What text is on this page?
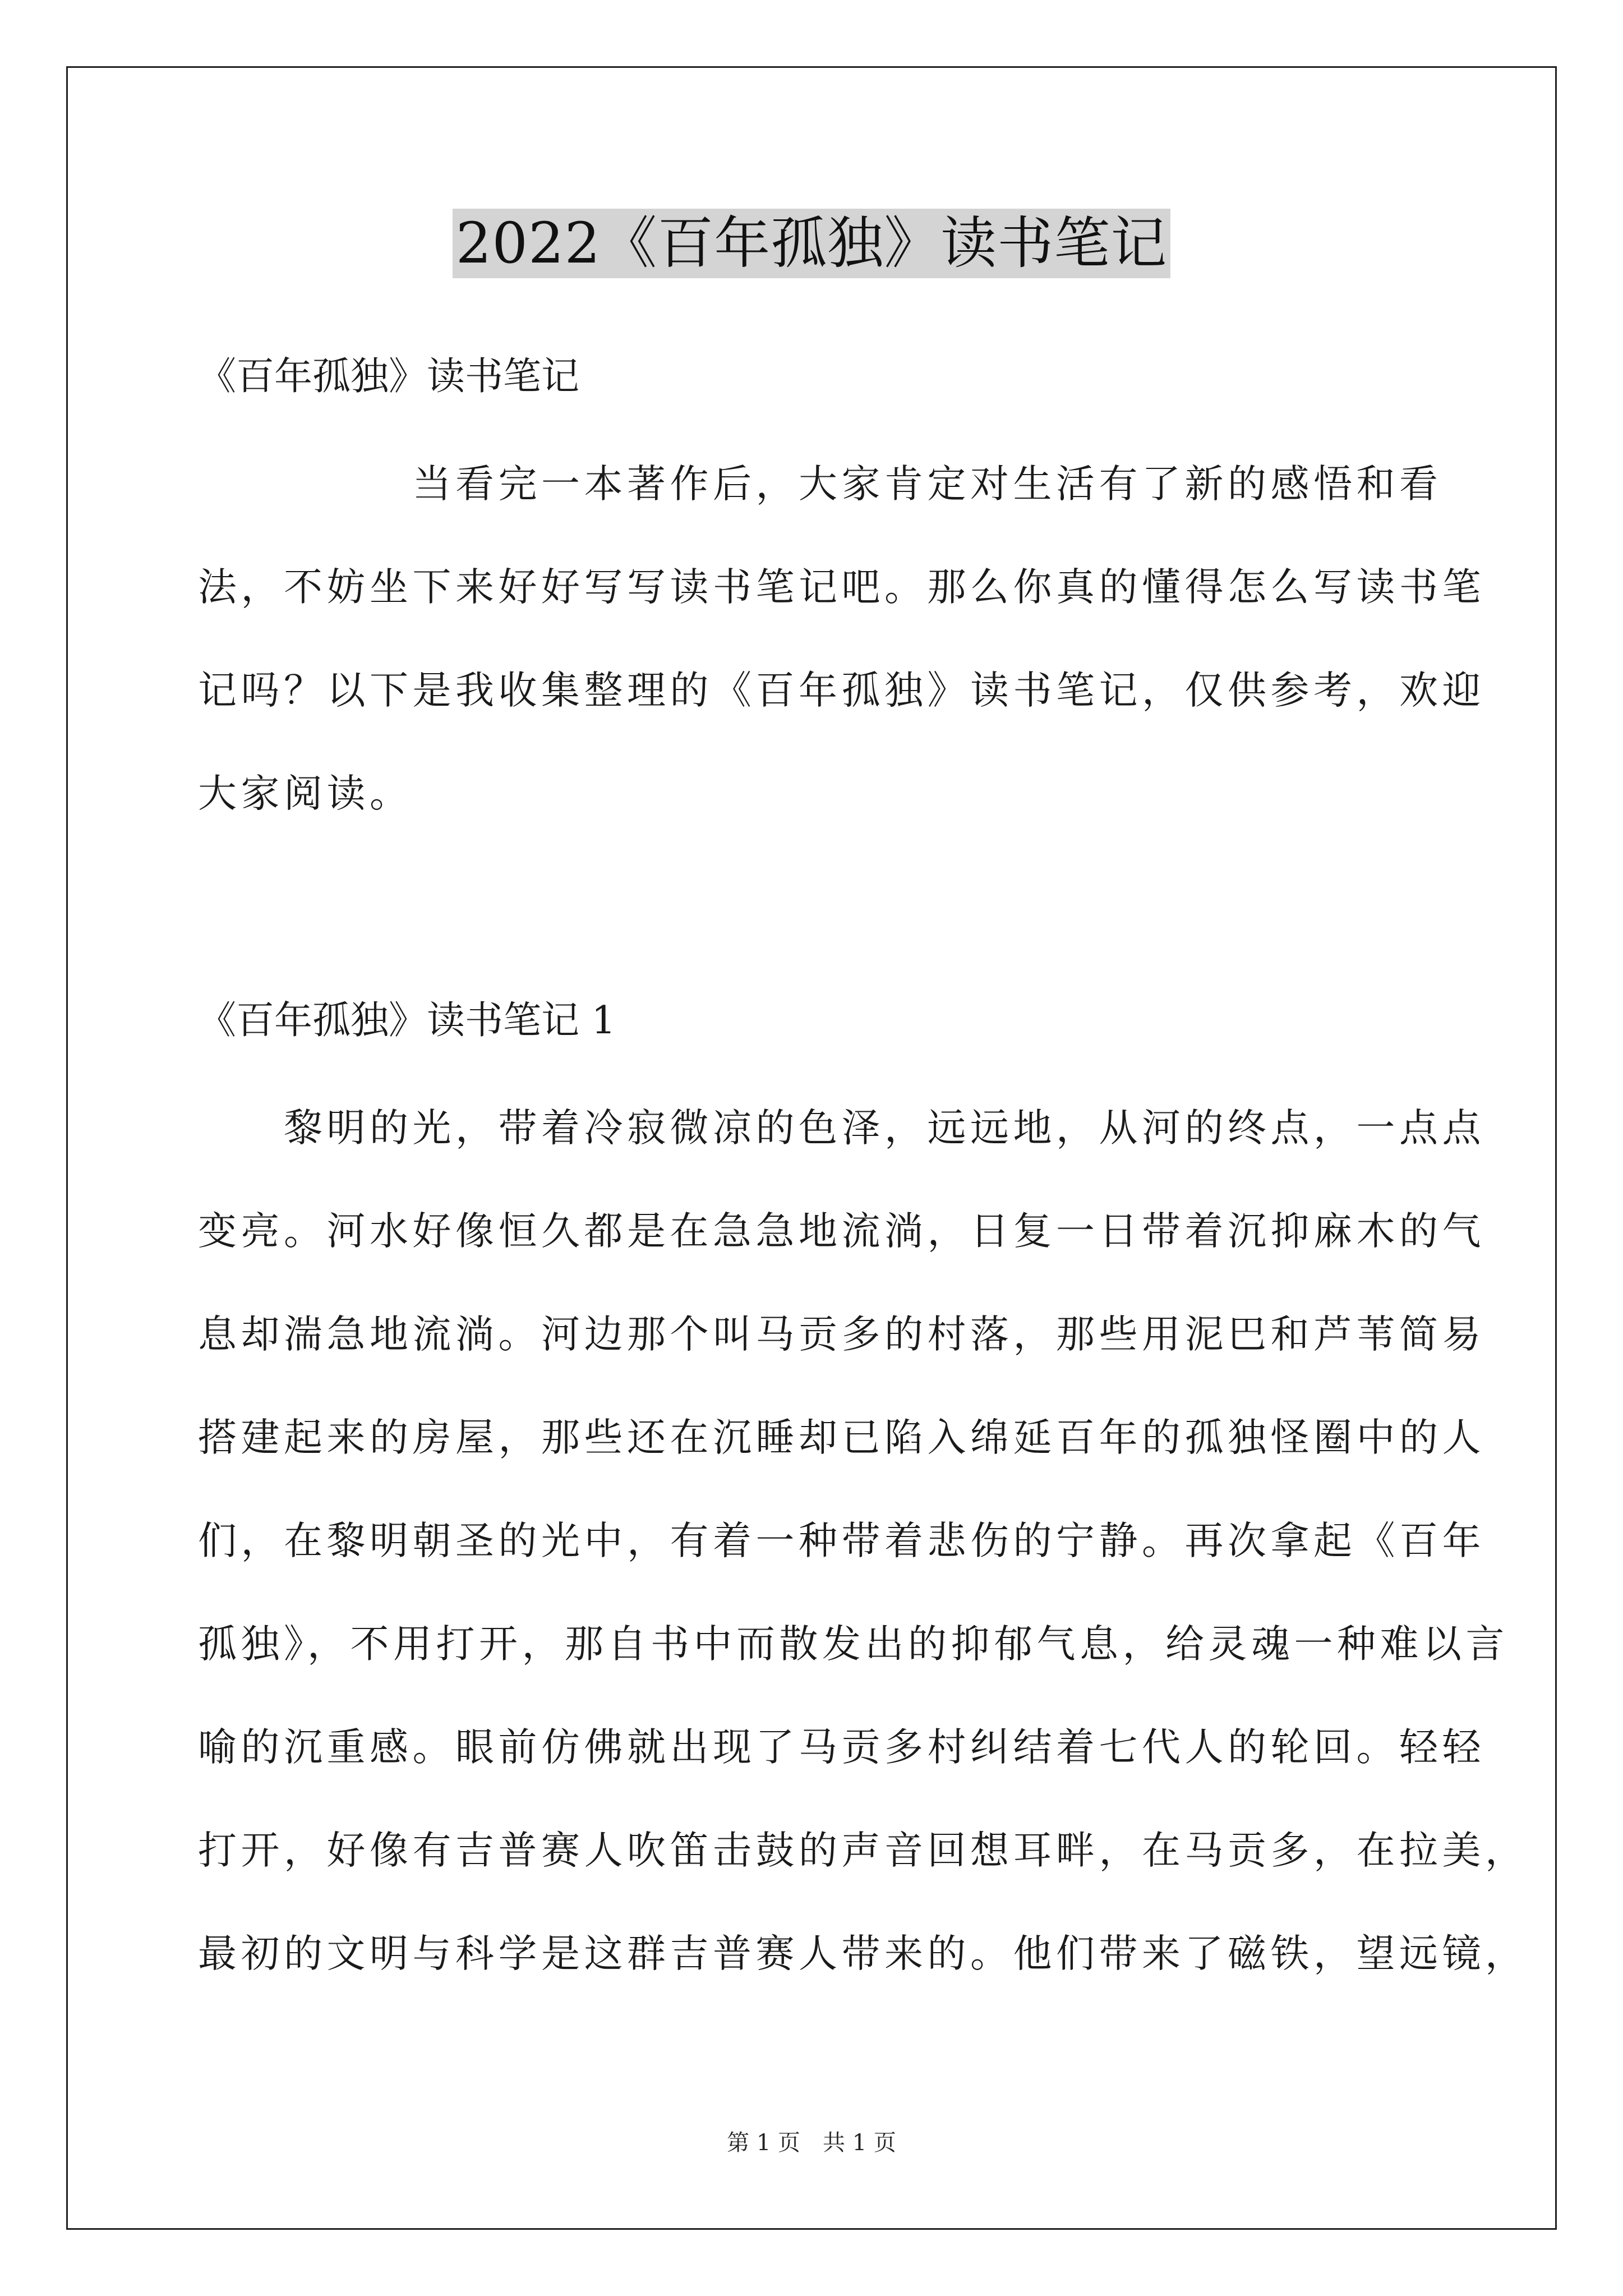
2022《百年孤独》读书笔记
《百年孤独》读书笔记
　　　　　当看完一本著作后，大家肯定对生活有了新的感悟和看
法，不妨坐下来好好写写读书笔记吧。那么你真的懂得怎么写读书笔
记吗？以下是我收集整理的《百年孤独》读书笔记，仅供参考，欢迎
大家阅读。
《百年孤独》读书笔记 1
　　黎明的光，带着冷寂微凉的色泽，远远地，从河的终点，一点点
变亮。河水好像恒久都是在急急地流淌，日复一日带着沉抑麻木的气
息却湍急地流淌。河边那个叫马贡多的村落，那些用泥巴和芦苇简易
搭建起来的房屋，那些还在沉睡却已陷入绵延百年的孤独怪圈中的人
们，在黎明朝圣的光中，有着一种带着悲伤的宁静。再次拿起《百年
孤独》，不用打开，那自书中而散发出的抑郁气息，给灵魂一种难以言
喻的沉重感。眼前仿佛就出现了马贡多村纠结着七代人的轮回。轻轻
打开，好像有吉普赛人吹笛击鼓的声音回想耳畔，在马贡多，在拉美，
最初的文明与科学是这群吉普赛人带来的。他们带来了磁铁，望远镜，
第 1 页　共 1 页
